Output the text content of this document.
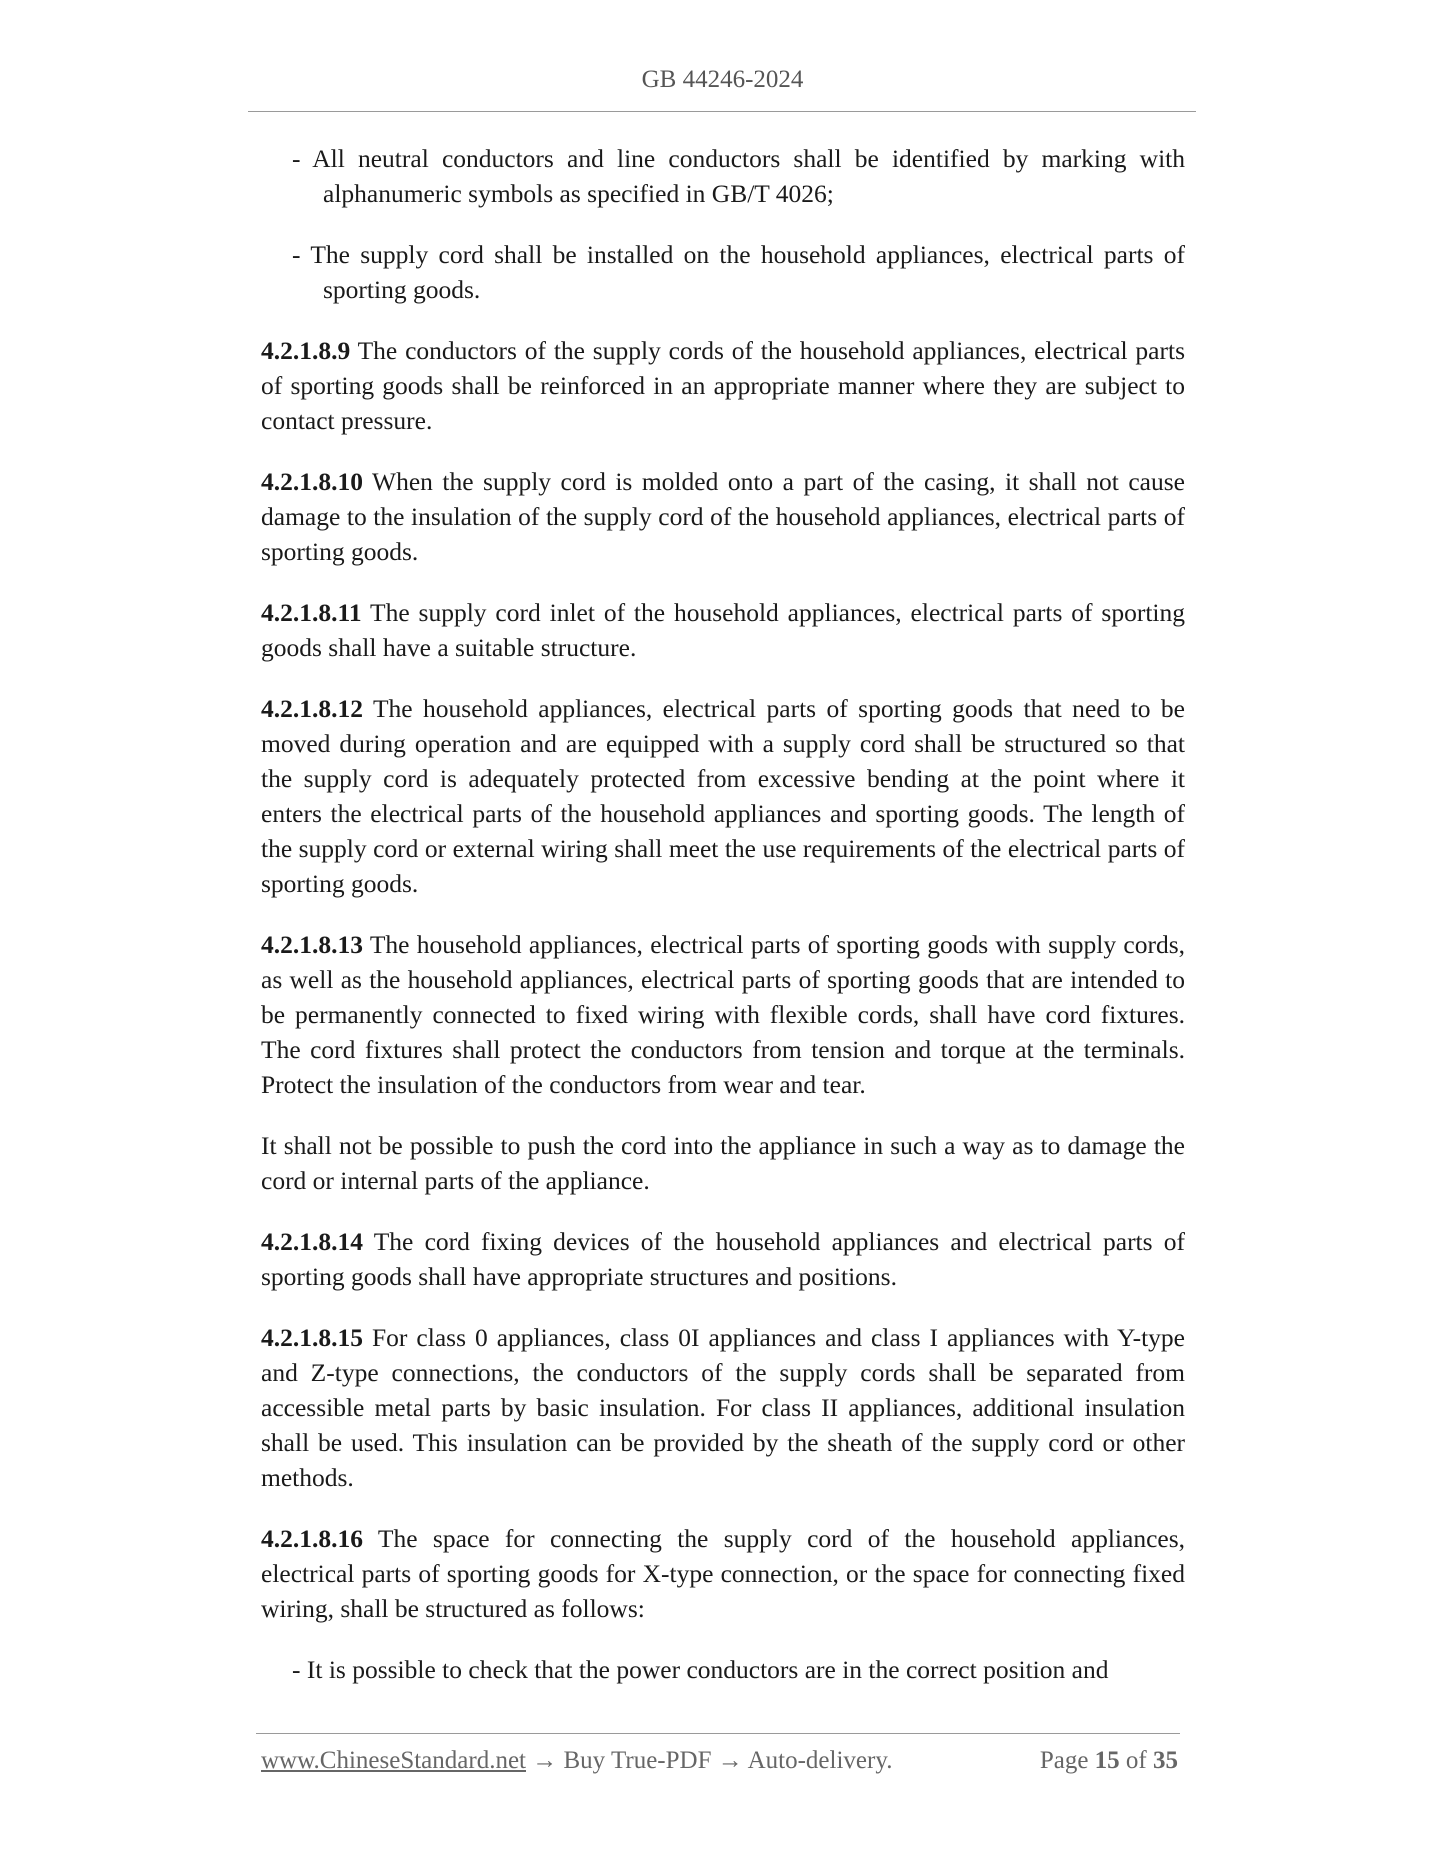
GB 44246-2024

- All neutral conductors and line conductors shall be identified by marking with alphanumeric symbols as specified in GB/T 4026;

- The supply cord shall be installed on the household appliances, electrical parts of sporting goods.

4.2.1.8.9 The conductors of the supply cords of the household appliances, electrical parts of sporting goods shall be reinforced in an appropriate manner where they are subject to contact pressure.

4.2.1.8.10 When the supply cord is molded onto a part of the casing, it shall not cause damage to the insulation of the supply cord of the household appliances, electrical parts of sporting goods.

4.2.1.8.11 The supply cord inlet of the household appliances, electrical parts of sporting goods shall have a suitable structure.

4.2.1.8.12 The household appliances, electrical parts of sporting goods that need to be moved during operation and are equipped with a supply cord shall be structured so that the supply cord is adequately protected from excessive bending at the point where it enters the electrical parts of the household appliances and sporting goods. The length of the supply cord or external wiring shall meet the use requirements of the electrical parts of sporting goods.

4.2.1.8.13 The household appliances, electrical parts of sporting goods with supply cords, as well as the household appliances, electrical parts of sporting goods that are intended to be permanently connected to fixed wiring with flexible cords, shall have cord fixtures. The cord fixtures shall protect the conductors from tension and torque at the terminals. Protect the insulation of the conductors from wear and tear.

It shall not be possible to push the cord into the appliance in such a way as to damage the cord or internal parts of the appliance.

4.2.1.8.14 The cord fixing devices of the household appliances and electrical parts of sporting goods shall have appropriate structures and positions.

4.2.1.8.15 For class 0 appliances, class 0I appliances and class I appliances with Y-type and Z-type connections, the conductors of the supply cords shall be separated from accessible metal parts by basic insulation. For class II appliances, additional insulation shall be used. This insulation can be provided by the sheath of the supply cord or other methods.

4.2.1.8.16 The space for connecting the supply cord of the household appliances, electrical parts of sporting goods for X-type connection, or the space for connecting fixed wiring, shall be structured as follows:

- It is possible to check that the power conductors are in the correct position and

www.ChineseStandard.net → Buy True-PDF → Auto-delivery.	Page 15 of 35
